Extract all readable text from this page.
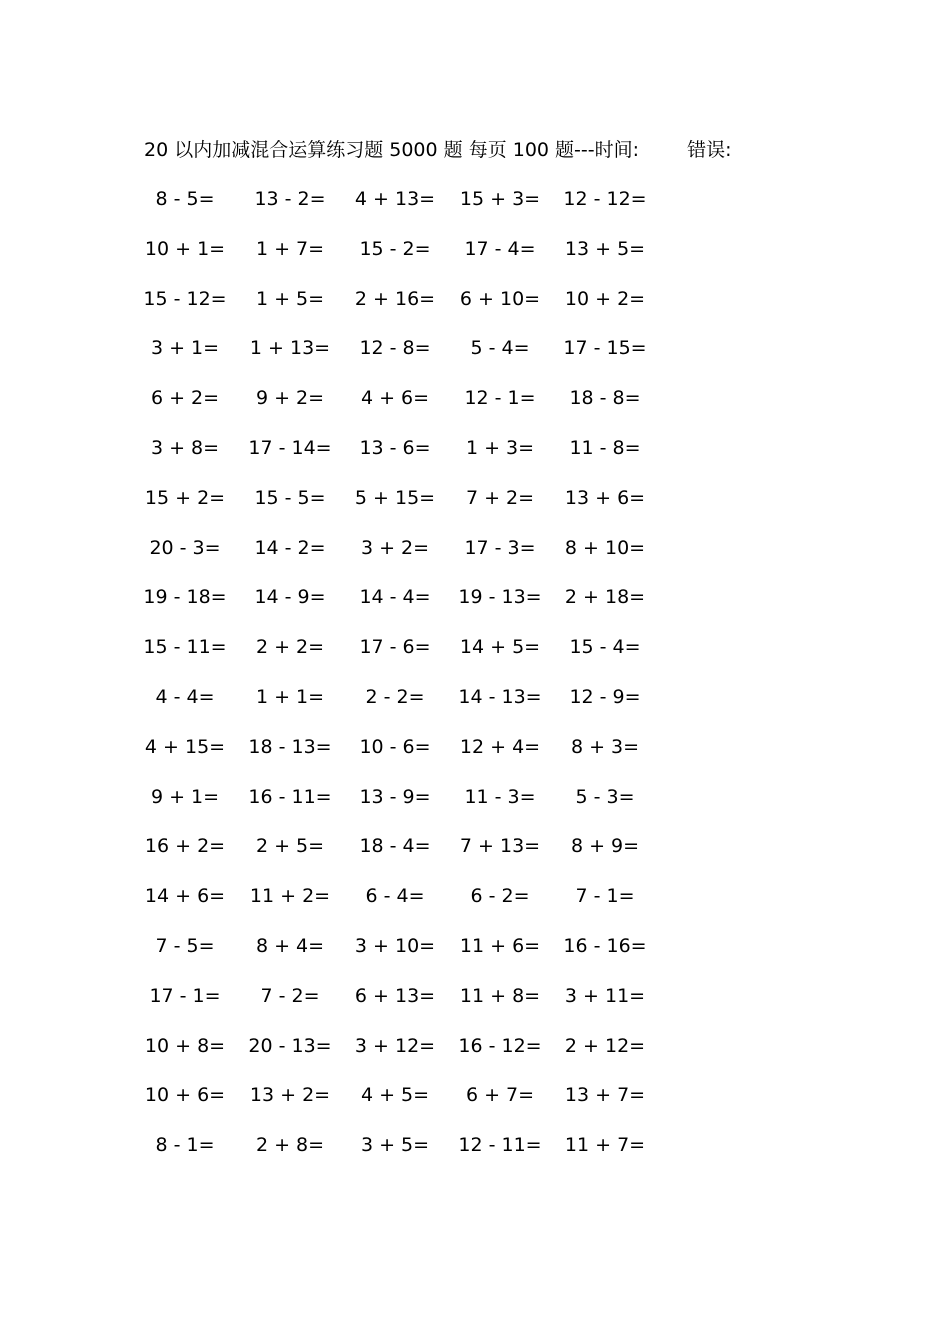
20 以内加减混合运算练习题 5000 题 每页 100 题---时间:	错误:
8 - 5=	13 - 2=	4 + 13=	15 + 3=	12 - 12=
10 + 1=	1 + 7=	15 - 2=	17 - 4=	13 + 5=
15 - 12=	1 + 5=	2 + 16=	6 + 10=	10 + 2=
3 + 1=	1 + 13=	12 - 8=	5 - 4=	17 - 15=
6 + 2=	9 + 2=	4 + 6=	12 - 1=	18 - 8=
3 + 8=	17 - 14=	13 - 6=	1 + 3=	11 - 8=
15 + 2=	15 - 5=	5 + 15=	7 + 2=	13 + 6=
20 - 3=	14 - 2=	3 + 2=	17 - 3=	8 + 10=
19 - 18=	14 - 9=	14 - 4=	19 - 13=	2 + 18=
15 - 11=	2 + 2=	17 - 6=	14 + 5=	15 - 4=
4 - 4=	1 + 1=	2 - 2=	14 - 13=	12 - 9=
4 + 15=	18 - 13=	10 - 6=	12 + 4=	8 + 3=
9 + 1=	16 - 11=	13 - 9=	11 - 3=	5 - 3=
16 + 2=	2 + 5=	18 - 4=	7 + 13=	8 + 9=
14 + 6=	11 + 2=	6 - 4=	6 - 2=	7 - 1=
7 - 5=	8 + 4=	3 + 10=	11 + 6=	16 - 16=
17 - 1=	7 - 2=	6 + 13=	11 + 8=	3 + 11=
10 + 8=	20 - 13=	3 + 12=	16 - 12=	2 + 12=
10 + 6=	13 + 2=	4 + 5=	6 + 7=	13 + 7=
8 - 1=	2 + 8=	3 + 5=	12 - 11=	11 + 7=
